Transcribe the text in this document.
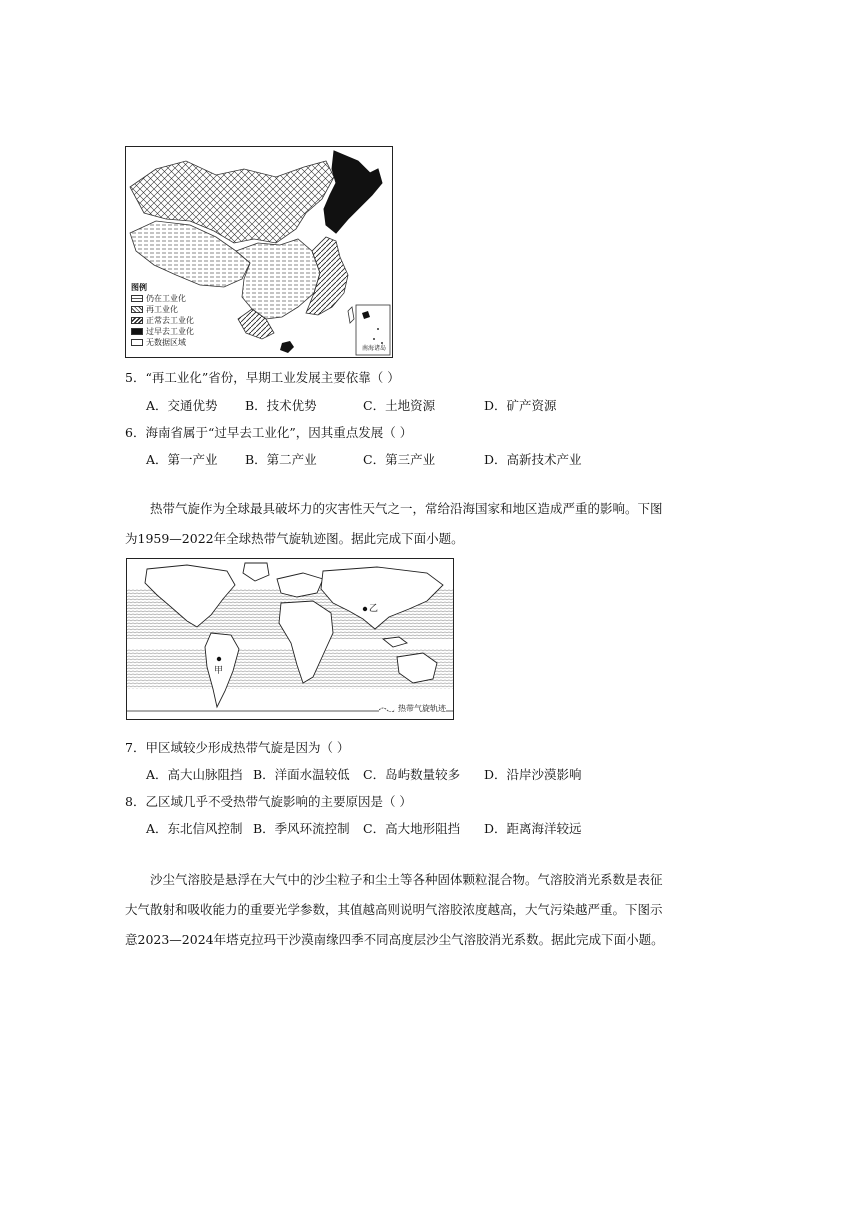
图例
仍在工业化
再工业化
正常去工业化
过早去工业化
无数据区域
南海诸岛
5．“再工业化”省份，早期工业发展主要依靠（ ）
A．交通优势 B．技术优势	C．土地资源	D．矿产资源
6．海南省属于“过早去工业化”，因其重点发展（ ）
A．第一产业 B．第二产业	C．第三产业	D．高新技术产业
热带气旋作为全球最具破坏力的灾害性天气之一，常给沿海国家和地区造成严重的影响。下图为1959—2022年全球热带气旋轨迹图。据此完成下面小题。
甲
乙
热带气旋轨迹
7．甲区域较少形成热带气旋是因为（ ）
A．高大山脉阻挡 B．洋面水温较低 C．岛屿数量较多 D．沿岸沙漠影响
8．乙区域几乎不受热带气旋影响的主要原因是（ ）
A．东北信风控制 B．季风环流控制 C．高大地形阻挡 D．距离海洋较远
沙尘气溶胶是悬浮在大气中的沙尘粒子和尘土等各种固体颗粒混合物。气溶胶消光系数是表征大气散射和吸收能力的重要光学参数，其值越高则说明气溶胶浓度越高，大气污染越严重。下图示意2023—2024年塔克拉玛干沙漠南缘四季不同高度层沙尘气溶胶消光系数。据此完成下面小题。
